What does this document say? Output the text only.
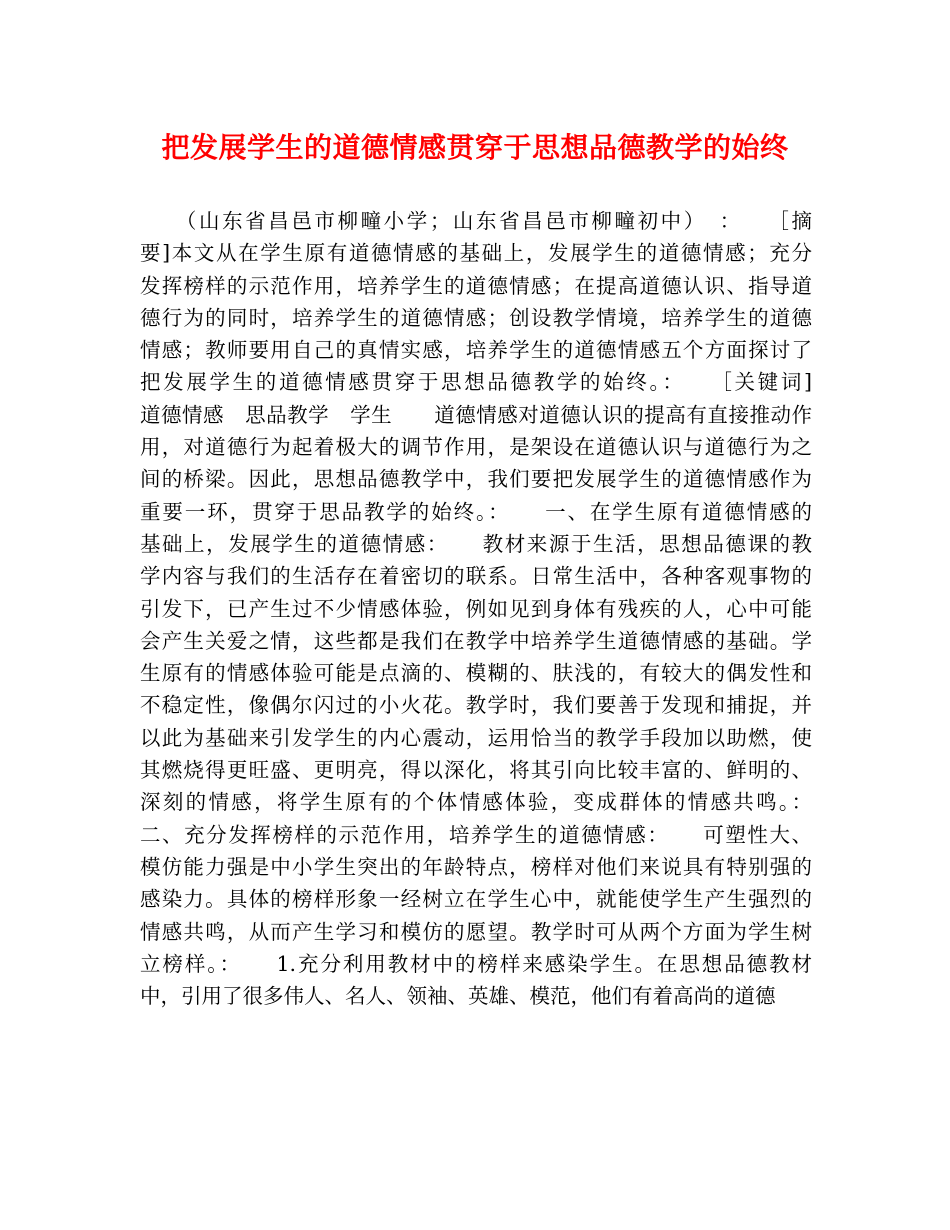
把发展学生的道德情感贯穿于思想品德教学的始终
　　（山东省昌邑市柳疃小学；山东省昌邑市柳疃初中）　：　　［摘
要]本文从在学生原有道德情感的基础上，发展学生的道德情感；充分
发挥榜样的示范作用，培养学生的道德情感；在提高道德认识、指导道
德行为的同时，培养学生的道德情感；创设教学情境，培养学生的道德
情感；教师要用自己的真情实感，培养学生的道德情感五个方面探讨了
把发展学生的道德情感贯穿于思想品德教学的始终。：　　［关键词]
道德情感　思品教学　学生　　道德情感对道德认识的提高有直接推动作
用，对道德行为起着极大的调节作用，是架设在道德认识与道德行为之
间的桥梁。因此，思想品德教学中，我们要把发展学生的道德情感作为
重要一环，贯穿于思品教学的始终。：　　一、在学生原有道德情感的
基础上，发展学生的道德情感：　　教材来源于生活，思想品德课的教
学内容与我们的生活存在着密切的联系。日常生活中，各种客观事物的
引发下，已产生过不少情感体验，例如见到身体有残疾的人，心中可能
会产生关爱之情，这些都是我们在教学中培养学生道德情感的基础。学
生原有的情感体验可能是点滴的、模糊的、肤浅的，有较大的偶发性和
不稳定性，像偶尔闪过的小火花。教学时，我们要善于发现和捕捉，并
以此为基础来引发学生的内心震动，运用恰当的教学手段加以助燃，使
其燃烧得更旺盛、更明亮，得以深化，将其引向比较丰富的、鲜明的、
深刻的情感，将学生原有的个体情感体验，变成群体的情感共鸣。：
二、充分发挥榜样的示范作用，培养学生的道德情感：　　可塑性大、
模仿能力强是中小学生突出的年龄特点，榜样对他们来说具有特别强的
感染力。具体的榜样形象一经树立在学生心中，就能使学生产生强烈的
情感共鸣，从而产生学习和模仿的愿望。教学时可从两个方面为学生树
立榜样。：　　1.充分利用教材中的榜样来感染学生。在思想品德教材
中，引用了很多伟人、名人、领袖、英雄、模范，他们有着高尚的道德
